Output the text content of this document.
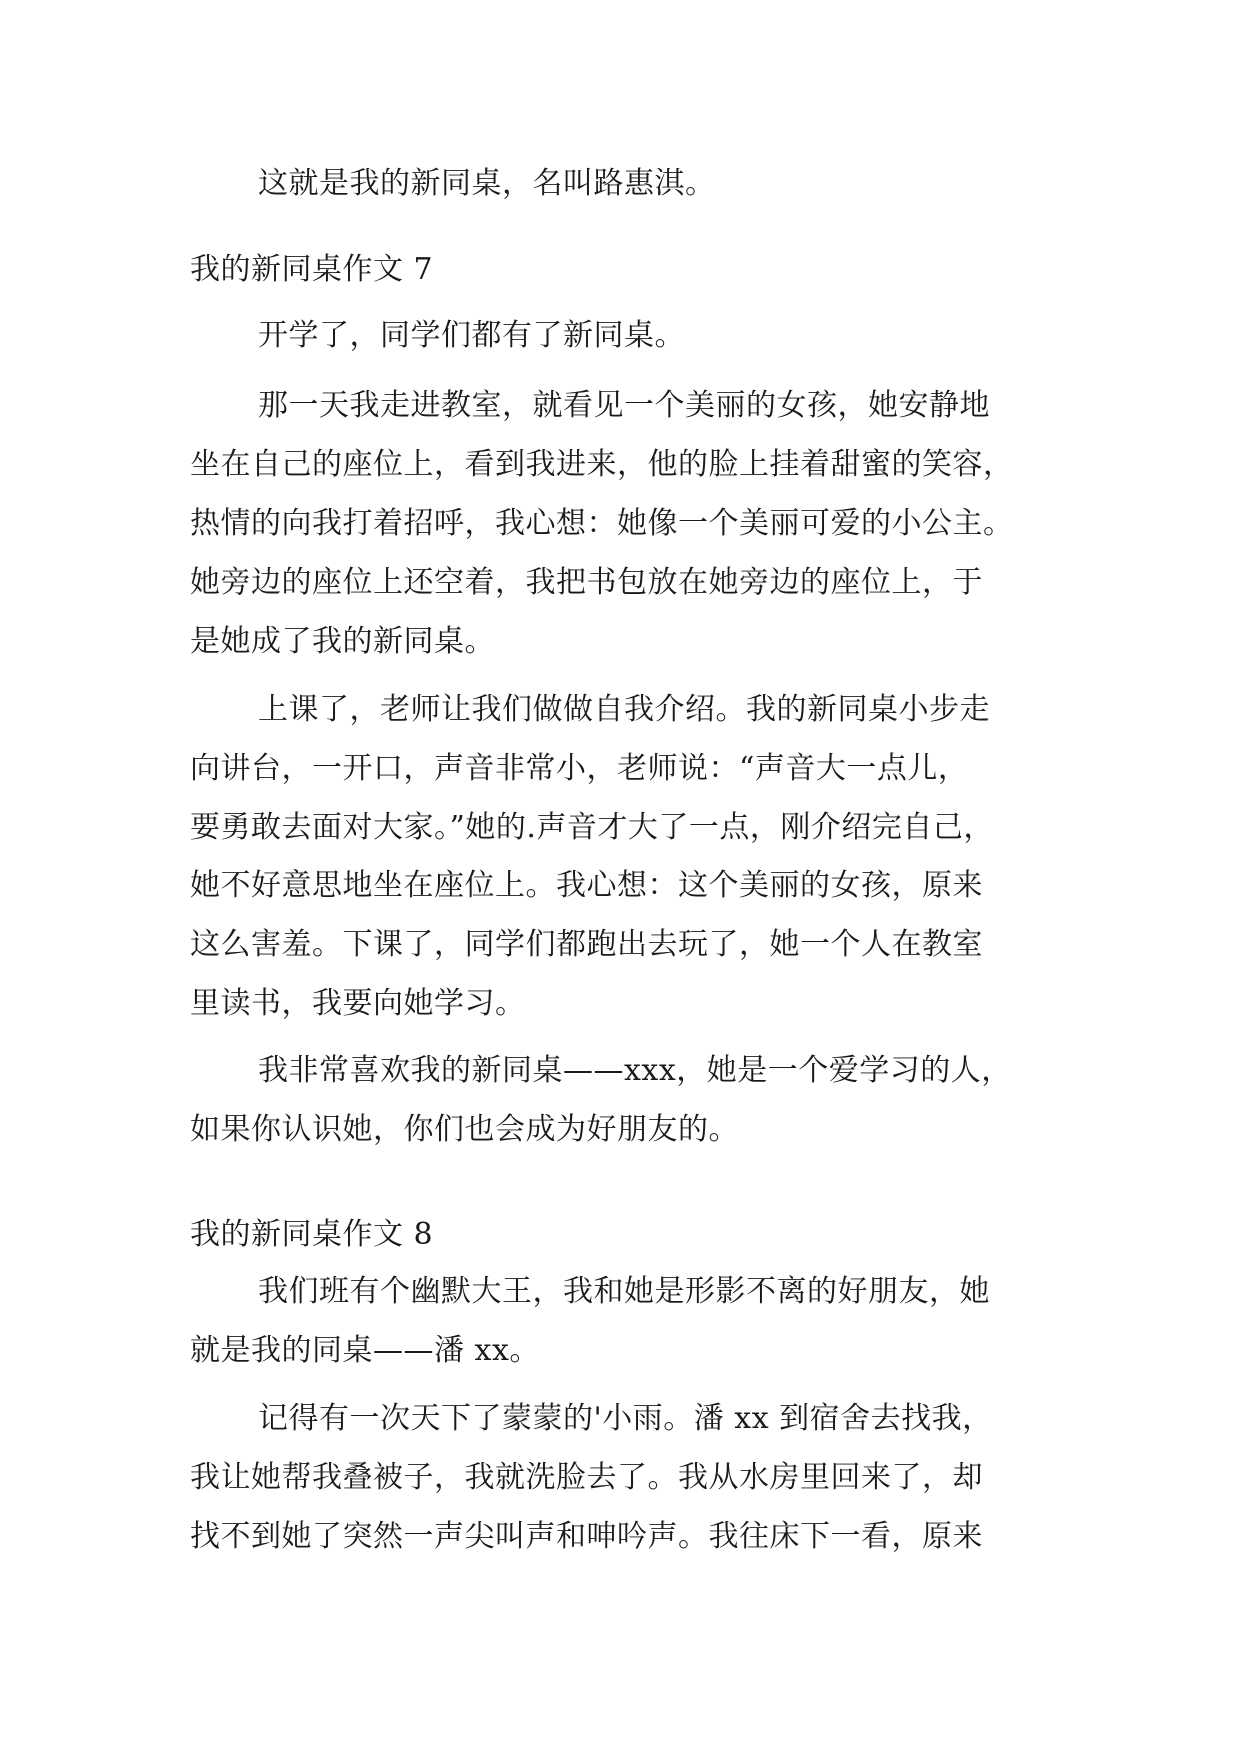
这就是我的新同桌，名叫路惠淇。
我的新同桌作文 7
开学了，同学们都有了新同桌。
那一天我走进教室，就看见一个美丽的女孩，她安静地
坐在自己的座位上，看到我进来，他的脸上挂着甜蜜的笑容，
热情的向我打着招呼，我心想：她像一个美丽可爱的小公主。
她旁边的座位上还空着，我把书包放在她旁边的座位上，于
是她成了我的新同桌。
上课了，老师让我们做做自我介绍。我的新同桌小步走
向讲台，一开口，声音非常小，老师说：“声音大一点儿，
要勇敢去面对大家。”她的.声音才大了一点，刚介绍完自己，
她不好意思地坐在座位上。我心想：这个美丽的女孩，原来
这么害羞。下课了，同学们都跑出去玩了，她一个人在教室
里读书，我要向她学习。
我非常喜欢我的新同桌——xxx，她是一个爱学习的人，
如果你认识她，你们也会成为好朋友的。
我的新同桌作文 8
我们班有个幽默大王，我和她是形影不离的好朋友，她
就是我的同桌——潘 xx。
记得有一次天下了蒙蒙的'小雨。潘 xx 到宿舍去找我，
我让她帮我叠被子，我就洗脸去了。我从水房里回来了，却
找不到她了突然一声尖叫声和呻吟声。我往床下一看，原来
